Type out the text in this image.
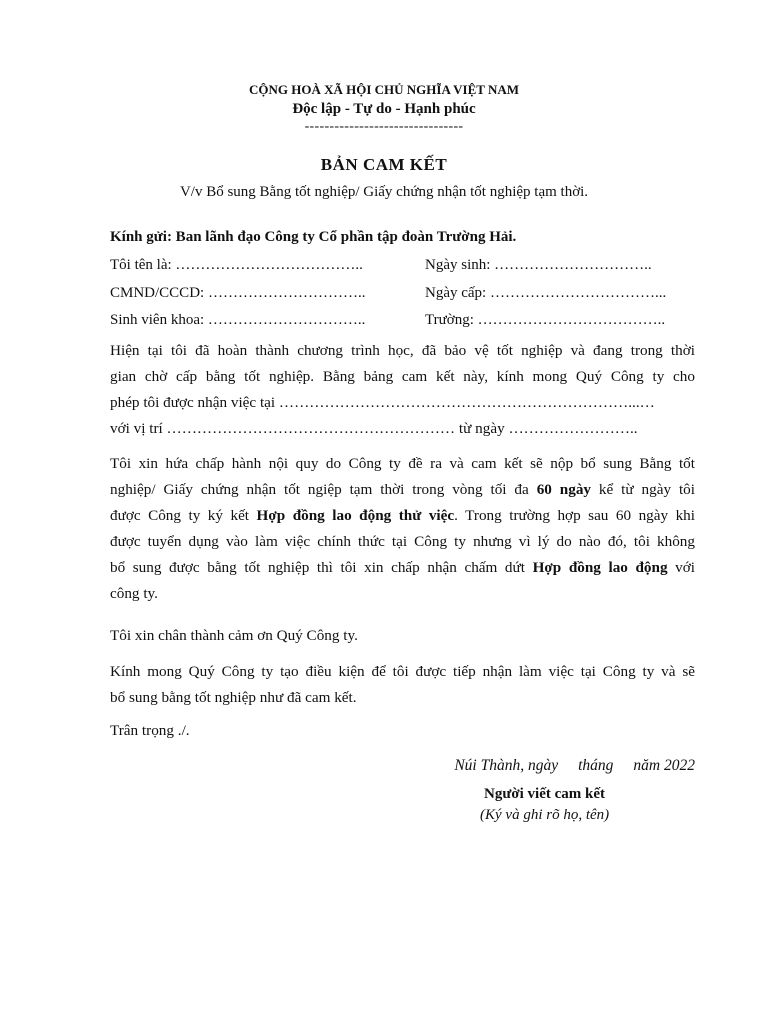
CỘNG HOÀ XÃ HỘI CHỦ NGHĨA VIỆT NAM
Độc lập - Tự do - Hạnh phúc
--------------------------------
BẢN CAM KẾT
V/v Bổ sung Bằng tốt nghiệp/ Giấy chứng nhận tốt nghiệp tạm thời.
Kính gửi: Ban lãnh đạo Công ty Cổ phần tập đoàn Trường Hải.
Tôi tên là: ………………………………..	Ngày sinh: …………………………..
CMND/CCCD: …………………………..	Ngày cấp: ……………………………...
Sinh viên khoa: …………………………..	Trường: ………………………………..
Hiện tại tôi đã hoàn thành chương trình học, đã bảo vệ tốt nghiệp và đang trong thời
gian chờ cấp bằng tốt nghiệp. Bằng bảng cam kết này, kính mong Quý Công ty cho
phép tôi được nhận việc tại ……………………………………………………………...…
với vị trí ………………………………………………… từ ngày ……………………..
Tôi xin hứa chấp hành nội quy do Công ty đề ra và cam kết sẽ nộp bổ sung Bằng tốt
nghiệp/ Giấy chứng nhận tốt ngiệp tạm thời trong vòng tối đa 60 ngày kể từ ngày tôi
được Công ty ký kết Hợp đồng lao động thử việc. Trong trường hợp sau 60 ngày khi
được tuyển dụng vào làm việc chính thức tại Công ty nhưng vì lý do nào đó, tôi không
bổ sung được bằng tốt nghiệp thì tôi xin chấp nhận chấm dứt Hợp đồng lao động với
công ty.
Tôi xin chân thành cảm ơn Quý Công ty.
Kính mong Quý Công ty tạo điều kiện để tôi được tiếp nhận làm việc tại Công ty và sẽ
bổ sung bằng tốt nghiệp như đã cam kết.
Trân trọng ./.
Núi Thành, ngày tháng năm 2022
Người viết cam kết
(Ký và ghi rõ họ, tên)
